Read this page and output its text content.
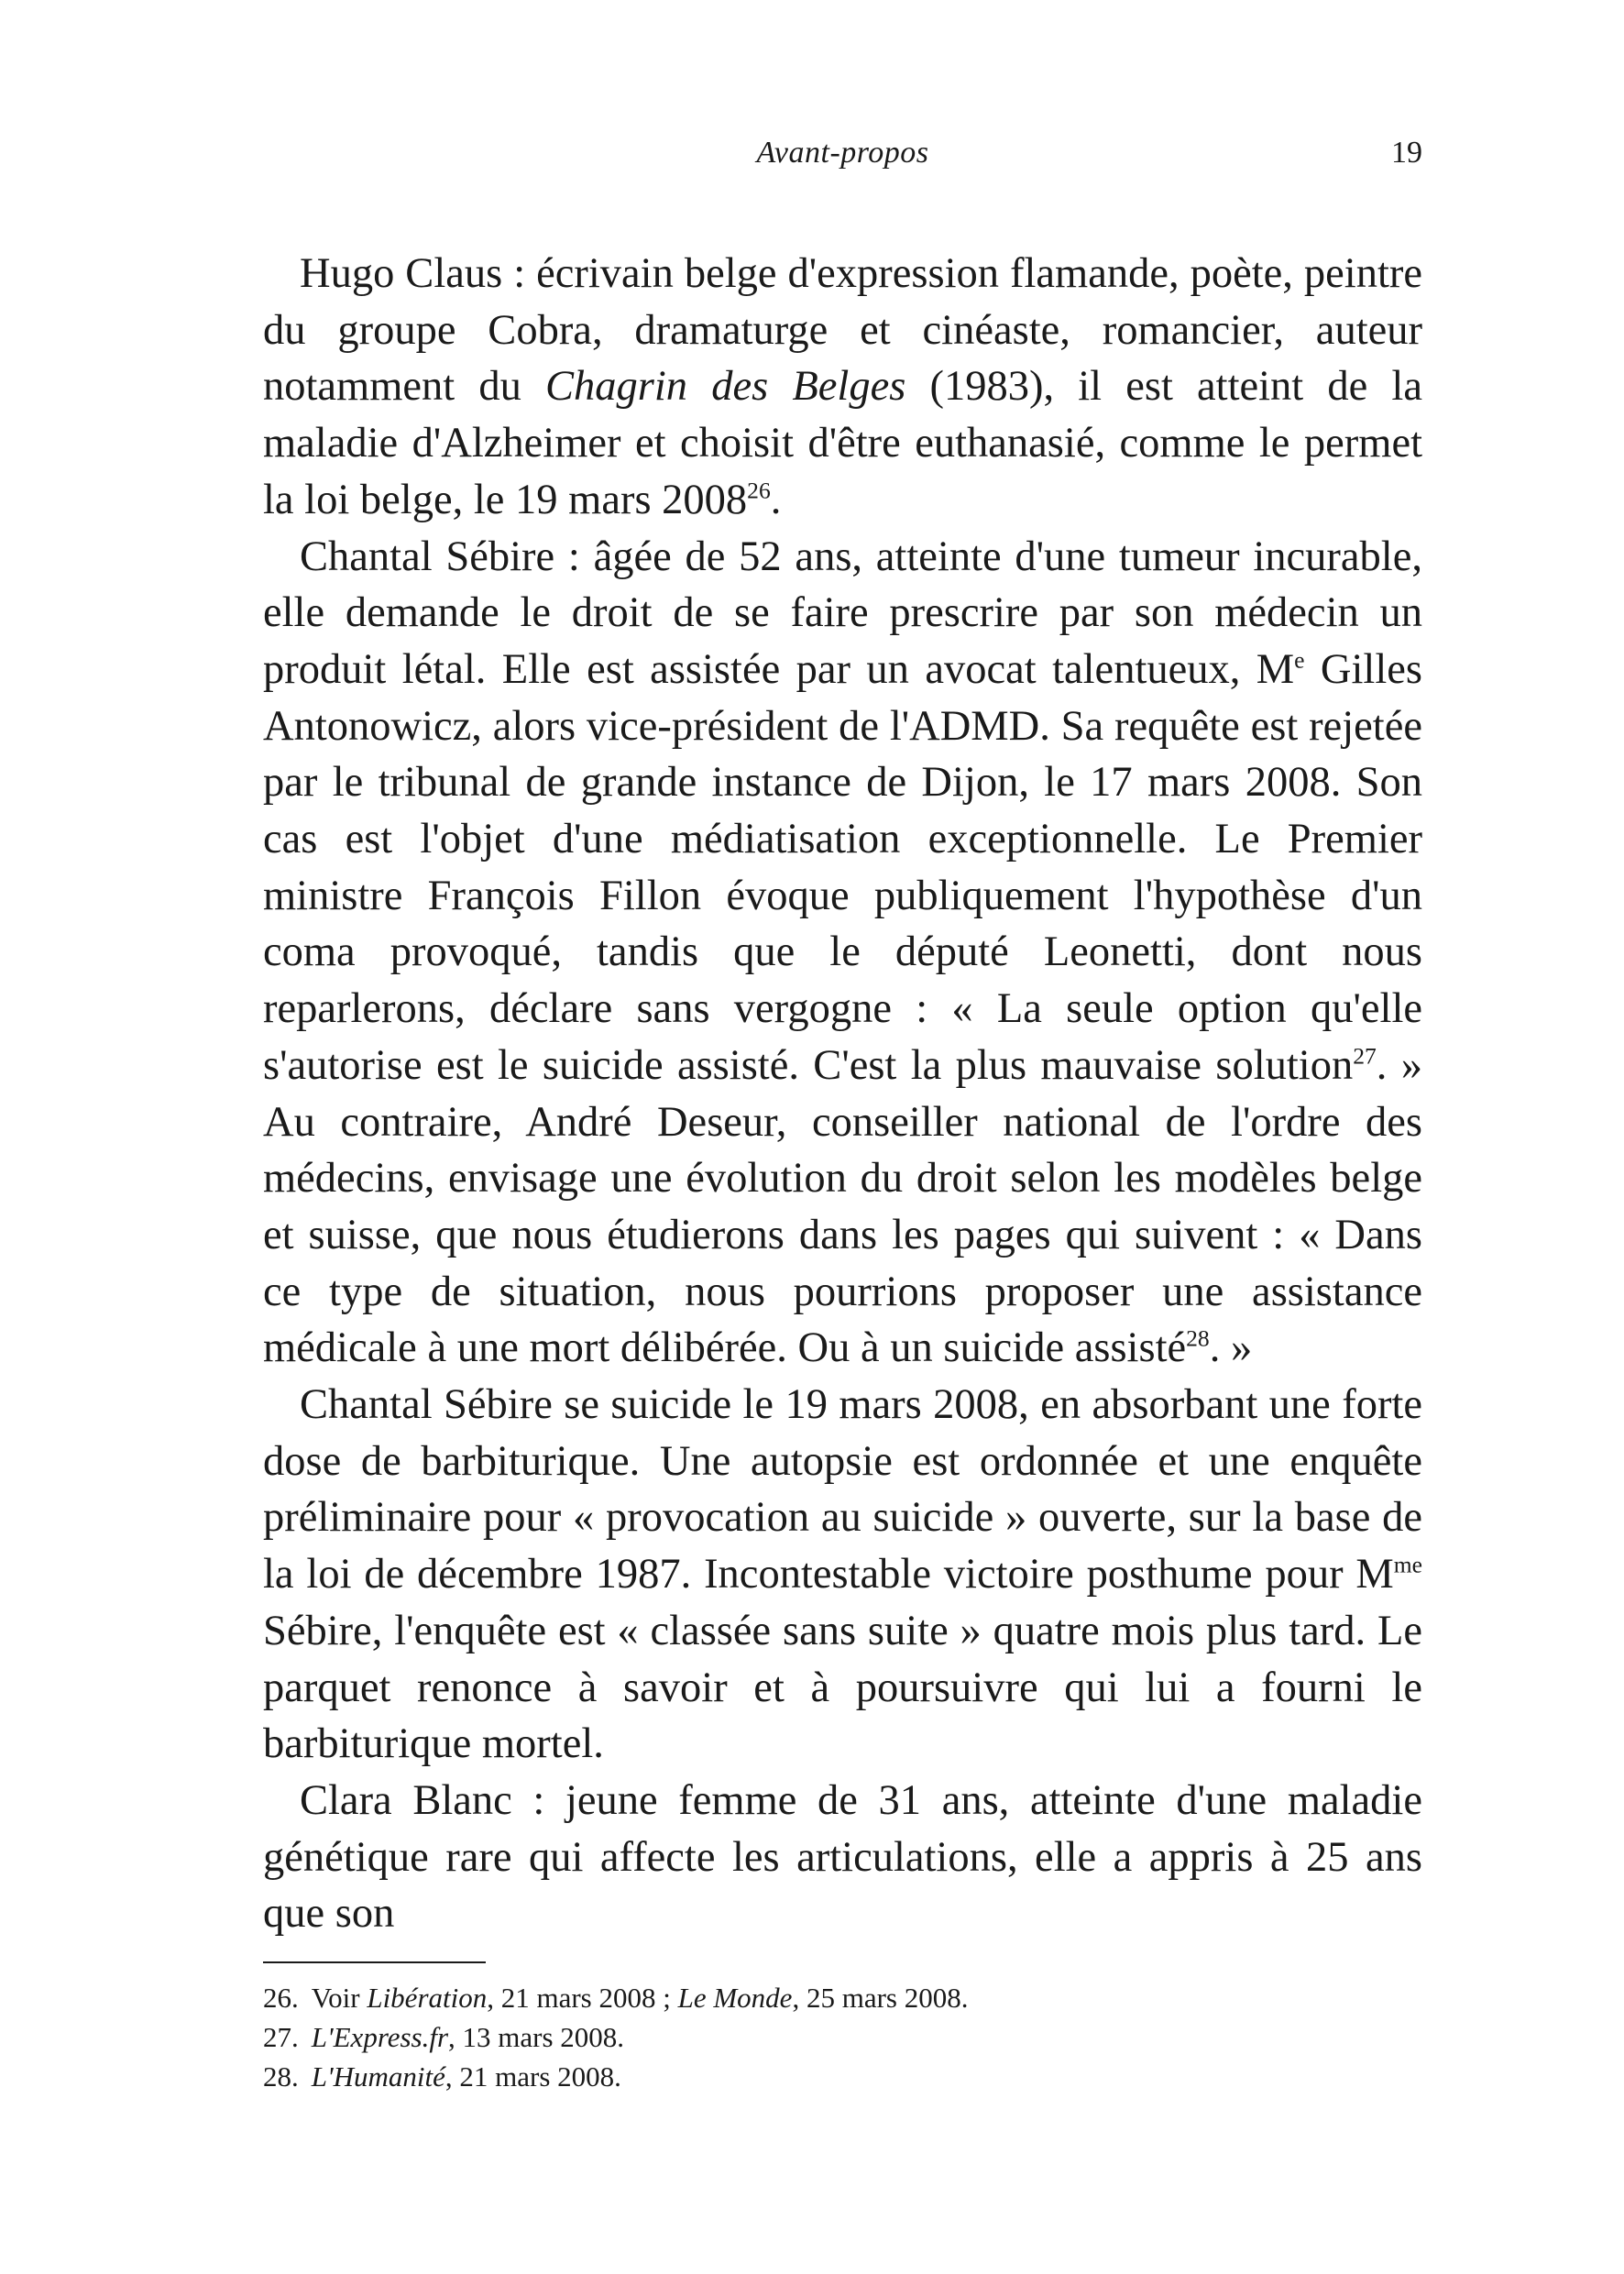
Avant-propos	19

Hugo Claus : écrivain belge d'expression flamande, poète, peintre du groupe Cobra, dramaturge et cinéaste, romancier, auteur notamment du Chagrin des Belges (1983), il est atteint de la maladie d'Alzheimer et choisit d'être euthanasié, comme le permet la loi belge, le 19 mars 2008$^{26}$.

Chantal Sébire : âgée de 52 ans, atteinte d'une tumeur incurable, elle demande le droit de se faire prescrire par son médecin un produit létal. Elle est assistée par un avocat talentueux, Me Gilles Antonowicz, alors vice-président de l'ADMD. Sa requête est rejetée par le tribunal de grande instance de Dijon, le 17 mars 2008. Son cas est l'objet d'une médiatisation exceptionnelle. Le Premier ministre François Fillon évoque publiquement l'hypothèse d'un coma provoqué, tandis que le député Leonetti, dont nous reparlerons, déclare sans vergogne : « La seule option qu'elle s'autorise est le suicide assisté. C'est la plus mauvaise solution$^{27}$. » Au contraire, André Deseur, conseiller national de l'ordre des médecins, envisage une évolution du droit selon les modèles belge et suisse, que nous étudierons dans les pages qui suivent : « Dans ce type de situation, nous pourrions proposer une assistance médicale à une mort délibérée. Ou à un suicide assisté$^{28}$. »

Chantal Sébire se suicide le 19 mars 2008, en absorbant une forte dose de barbiturique. Une autopsie est ordonnée et une enquête préliminaire pour « provocation au suicide » ouverte, sur la base de la loi de décembre 1987. Incontestable victoire posthume pour $M^{me}$ Sébire, l'enquête est « classée sans suite » quatre mois plus tard. Le parquet renonce à savoir et à poursuivre qui lui a fourni le barbiturique mortel.

Clara Blanc : jeune femme de 31 ans, atteinte d'une maladie génétique rare qui affecte les articulations, elle a appris à 25 ans que son

26. Voir Libération, 21 mars 2008 ; Le Monde, 25 mars 2008.
27. L'Express.fr, 13 mars 2008.
28. L'Humanité, 21 mars 2008.
